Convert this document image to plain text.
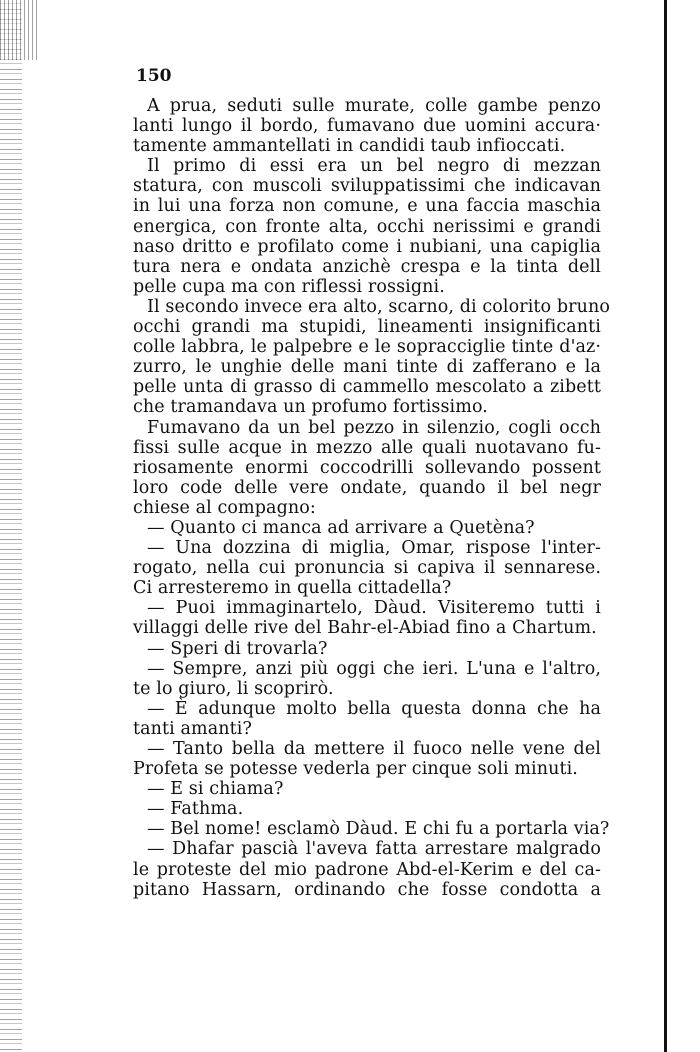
150
A prua, seduti sulle murate, colle gambe penzo
lanti lungo il bordo, fumavano due uomini accura·
tamente ammantellati in candidi taub infioccati.
Il primo di essi era un bel negro di mezzan
statura, con muscoli sviluppatissimi che indicavan
in lui una forza non comune, e una faccia maschia
energica, con fronte alta, occhi nerissimi e grandi
naso dritto e profilato come i nubiani, una capiglia
tura nera e ondata anzichè crespa e la tinta dell
pelle cupa ma con riflessi rossigni.
Il secondo invece era alto, scarno, di colorito bruno
occhi grandi ma stupidi, lineamenti insignificanti
colle labbra, le palpebre e le sopracciglie tinte d'az·
zurro, le unghie delle mani tinte di zafferano e la
pelle unta di grasso di cammello mescolato a zibett
che tramandava un profumo fortissimo.
Fumavano da un bel pezzo in silenzio, cogli occh
fissi sulle acque in mezzo alle quali nuotavano fu-
riosamente enormi coccodrilli sollevando possent
loro code delle vere ondate, quando il bel negr
chiese al compagno:
— Quanto ci manca ad arrivare a Quetèna?
— Una dozzina di miglia, Omar, rispose l'inter-
rogato, nella cui pronuncia si capiva il sennarese.
Ci arresteremo in quella cittadella?
— Puoi immaginartelo, Dàud. Visiteremo tutti i
villaggi delle rive del Bahr-el-Abiad fino a Chartum.
— Speri di trovarla?
— Sempre, anzi più oggi che ieri. L'una e l'altro,
te lo giuro, li scoprirò.
— È adunque molto bella questa donna che ha
tanti amanti?
— Tanto bella da mettere il fuoco nelle vene del
Profeta se potesse vederla per cinque soli minuti.
— E si chiama?
— Fathma.
— Bel nome! esclamò Dàud. E chi fu a portarla via?
— Dhafar pascià l'aveva fatta arrestare malgrado
le proteste del mio padrone Abd-el-Kerim e del ca-
pitano Hassarn, ordinando che fosse condotta a
